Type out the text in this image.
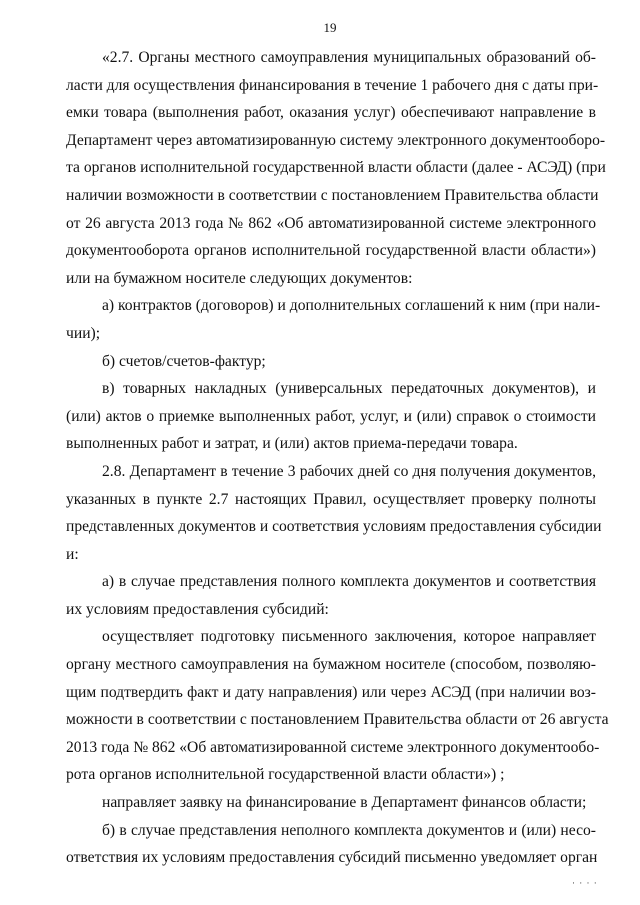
19
«2.7. Органы местного самоуправления муниципальных образований об-
ласти для осуществления финансирования в течение 1 рабочего дня с даты при-
емки товара (выполнения работ, оказания услуг) обеспечивают направление в
Департамент через автоматизированную систему электронного документооборо-
та органов исполнительной государственной власти области (далее - АСЭД) (при
наличии возможности в соответствии с постановлением Правительства области
от 26 августа 2013 года № 862 «Об автоматизированной системе электронного
документооборота органов исполнительной государственной власти области»)
или на бумажном носителе следующих документов:
а) контрактов (договоров) и дополнительных соглашений к ним (при нали-
чии);
б) счетов/счетов-фактур;
в) товарных накладных (универсальных передаточных документов), и
(или) актов о приемке выполненных работ, услуг, и (или) справок о стоимости
выполненных работ и затрат, и (или) актов приема-передачи товара.
2.8. Департамент в течение 3 рабочих дней со дня получения документов,
указанных в пункте 2.7 настоящих Правил, осуществляет проверку полноты
представленных документов и соответствия условиям предоставления субсидии
и:
а) в случае представления полного комплекта документов и соответствия
их условиям предоставления субсидий:
осуществляет подготовку письменного заключения, которое направляет
органу местного самоуправления на бумажном носителе (способом, позволяю-
щим подтвердить факт и дату направления) или через АСЭД (при наличии воз-
можности в соответствии с постановлением Правительства области от 26 августа
2013 года № 862 «Об автоматизированной системе электронного документообо-
рота органов исполнительной государственной власти области») ;
направляет заявку на финансирование в Департамент финансов области;
б) в случае представления неполного комплекта документов и (или) несо-
ответствия их условиям предоставления субсидий письменно уведомляет орган
· · · ·
